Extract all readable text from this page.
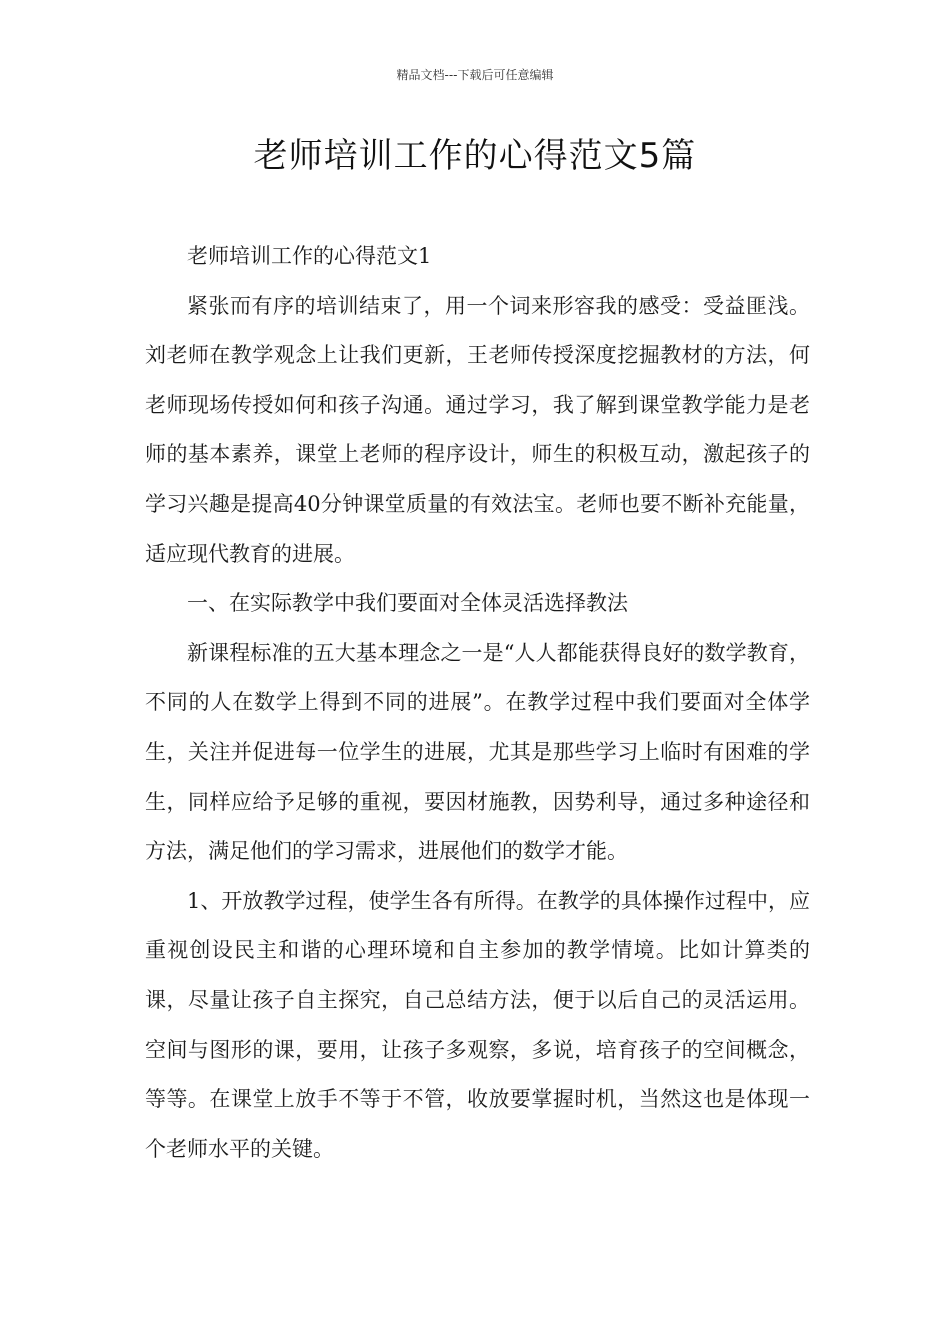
精品文档---下载后可任意编辑
老师培训工作的心得范文5篇

老师培训工作的心得范文1

紧张而有序的培训结束了，用一个词来形容我的感受：受益匪浅。刘老师在教学观念上让我们更新，王老师传授深度挖掘教材的方法，何老师现场传授如何和孩子沟通。通过学习，我了解到课堂教学能力是老师的基本素养，课堂上老师的程序设计，师生的积极互动，激起孩子的学习兴趣是提高40分钟课堂质量的有效法宝。老师也要不断补充能量，适应现代教育的进展。

一、在实际教学中我们要面对全体灵活选择教法

新课程标准的五大基本理念之一是“人人都能获得良好的数学教育，不同的人在数学上得到不同的进展”。在教学过程中我们要面对全体学生，关注并促进每一位学生的进展，尤其是那些学习上临时有困难的学生，同样应给予足够的重视，要因材施教，因势利导，通过多种途径和方法，满足他们的学习需求，进展他们的数学才能。

1、开放教学过程，使学生各有所得。在教学的具体操作过程中，应重视创设民主和谐的心理环境和自主参加的教学情境。比如计算类的课，尽量让孩子自主探究，自己总结方法，便于以后自己的灵活运用。空间与图形的课，要用，让孩子多观察，多说，培育孩子的空间概念，等等。在课堂上放手不等于不管，收放要掌握时机，当然这也是体现一个老师水平的关键。
